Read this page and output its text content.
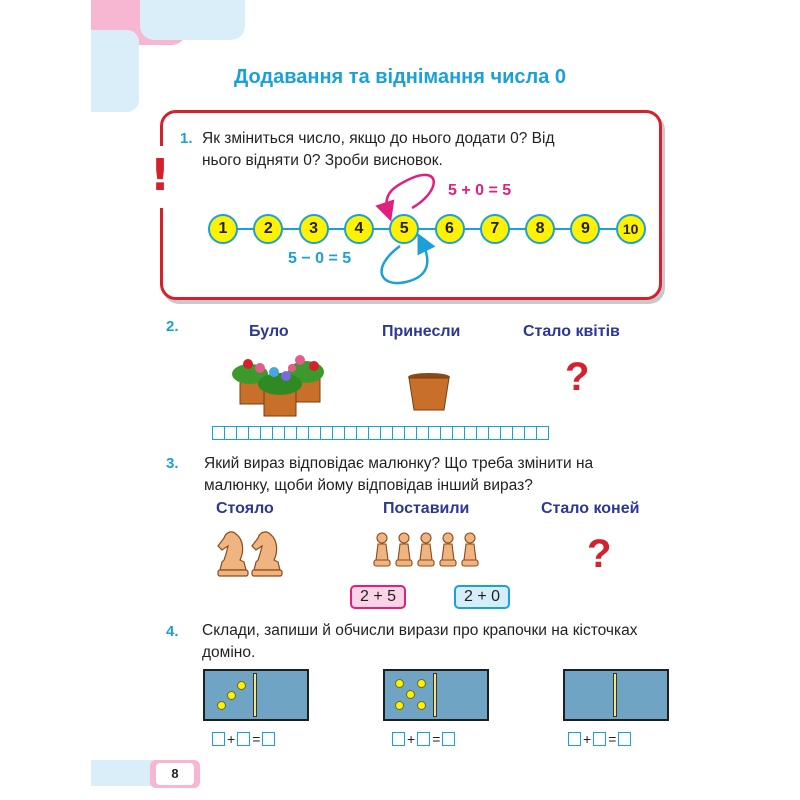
Додавання та віднімання числа 0
!
1. Як зміниться число, якщо до нього додати 0? Від
нього відняти 0? Зроби висновок.
1	2	3	4	5	6	7	8	9	10
5 + 0 = 5
5 − 0 = 5
2.	Було	Принесли	Стало квітів
?
3. Який вираз відповідає малюнку? Що треба змінити на
малюнку, щоби йому відповідав інший вираз?
Стояло	Поставили	Стало коней
?
2 + 5	2 + 0
4. Склади, запиши й обчисли вирази про крапочки на кісточках
доміно.
+ =	+ =	+ =
8
